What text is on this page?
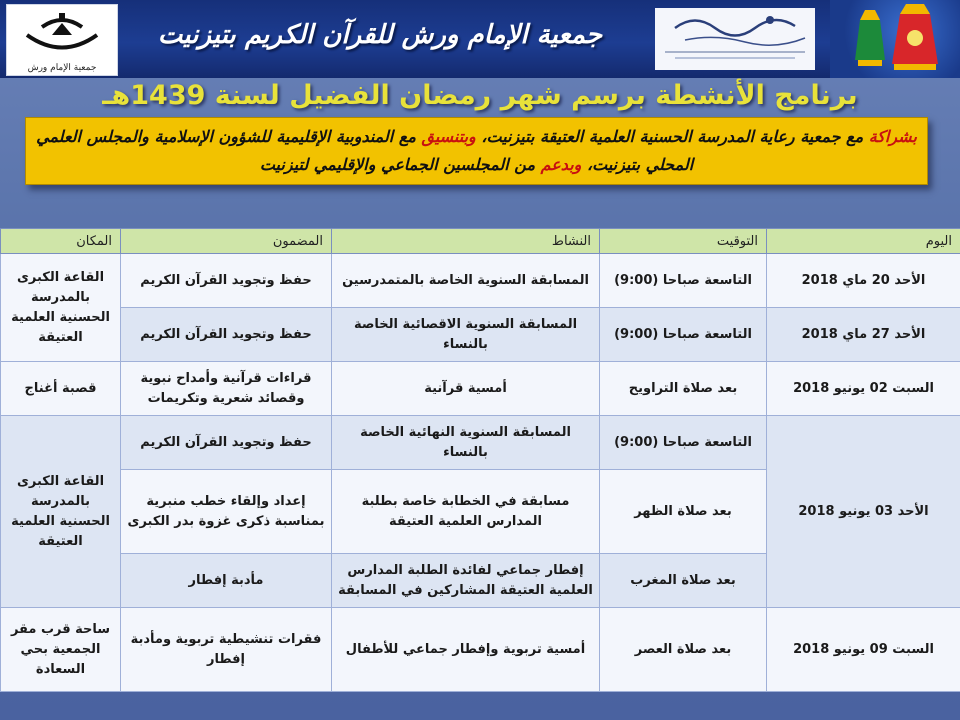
جمعية الإمام ورش
جمعية الإمام ورش للقرآن الكريم بتيزنيت
برنامج الأنشطة برسم شهر رمضان الفضيل لسنة 1439هـ
بشراكة مع جمعية رعاية المدرسة الحسنية العلمية العتيقة بتيزنيت، وبتنسيق مع المندوبية الإقليمية للشؤون الإسلامية والمجلس العلمي المحلي بتيزنيت، وبدعم من المجلسين الجماعي والإقليمي لتيزنيت
اليوم	التوقيت	النشاط	المضمون	المكان
الأحد 20 ماي 2018	التاسعة صباحا (9:00)	المسابقة السنوية الخاصة بالمتمدرسين	حفظ وتجويد القرآن الكريم	القاعة الكبرى بالمدرسة الحسنية العلمية العتيقة
الأحد 27 ماي 2018	التاسعة صباحا (9:00)	المسابقة السنوية الاقصائية الخاصة بالنساء	حفظ وتجويد القرآن الكريم	
السبت 02 يونيو 2018	بعد صلاة التراويح	أمسية قرآنية	قراءات قرآنية وأمداح نبوية وقصائد شعرية وتكريمات	قصبة أغناج
الأحد 03 يونيو 2018	التاسعة صباحا (9:00)	المسابقة السنوية النهائية الخاصة بالنساء	حفظ وتجويد القرآن الكريم	القاعة الكبرى بالمدرسة الحسنية العلمية العتيقة
	بعد صلاة الظهر	مسابقة في الخطابة خاصة بطلبة المدارس العلمية العتيقة	إعداد وإلقاء خطب منبرية بمناسبة ذكرى غزوة بدر الكبرى	
	بعد صلاة المغرب	إفطار جماعي لفائدة الطلبة المدارس العلمية العتيقة المشاركين في المسابقة	مأدبة إفطار	
السبت 09 يونيو 2018	بعد صلاة العصر	أمسية تربوية وإفطار جماعي للأطفال	فقرات تنشيطية تربوية ومأدبة إفطار	ساحة قرب مقر الجمعية بحي السعادة
